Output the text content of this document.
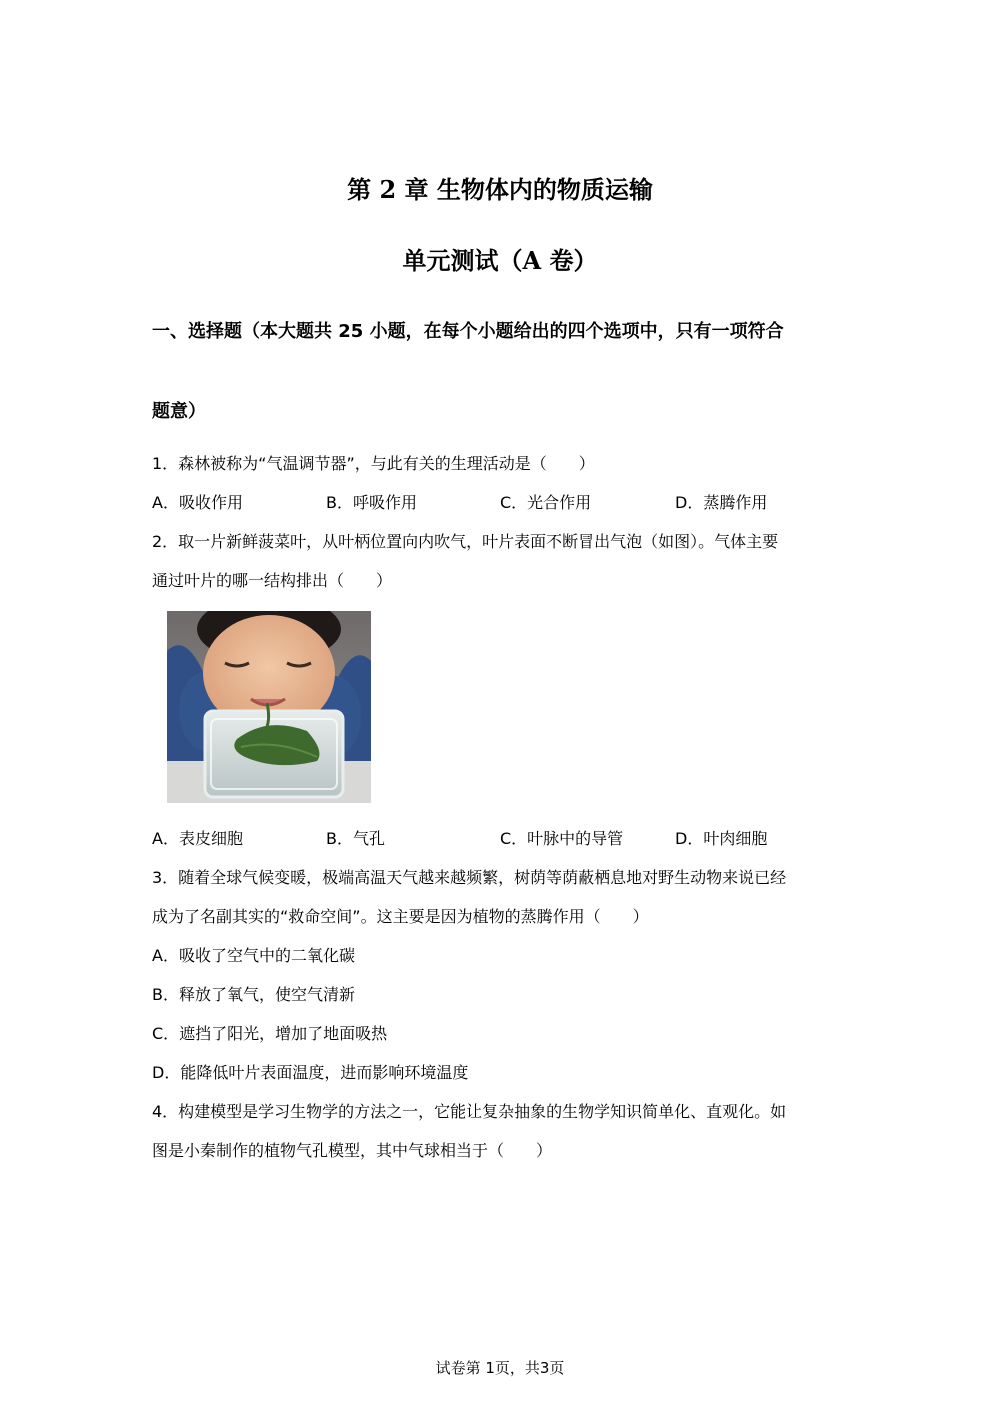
第 2 章 生物体内的物质运输
单元测试（A 卷）
一、选择题（本大题共 25 小题，在每个小题给出的四个选项中，只有一项符合
题意）
1．森林被称为“气温调节器”，与此有关的生理活动是（　　）
A．吸收作用	B．呼吸作用	C．光合作用	D．蒸腾作用
2．取一片新鲜菠菜叶，从叶柄位置向内吹气，叶片表面不断冒出气泡（如图）。气体主要
通过叶片的哪一结构排出（　　）
A．表皮细胞	B．气孔	C．叶脉中的导管	D．叶肉细胞
3．随着全球气候变暖，极端高温天气越来越频繁，树荫等荫蔽栖息地对野生动物来说已经
成为了名副其实的“救命空间”。这主要是因为植物的蒸腾作用（　　）
A．吸收了空气中的二氧化碳
B．释放了氧气，使空气清新
C．遮挡了阳光，增加了地面吸热
D．能降低叶片表面温度，进而影响环境温度
4．构建模型是学习生物学的方法之一，它能让复杂抽象的生物学知识简单化、直观化。如
图是小秦制作的植物气孔模型，其中气球相当于（　　）
试卷第 1页，共3页
